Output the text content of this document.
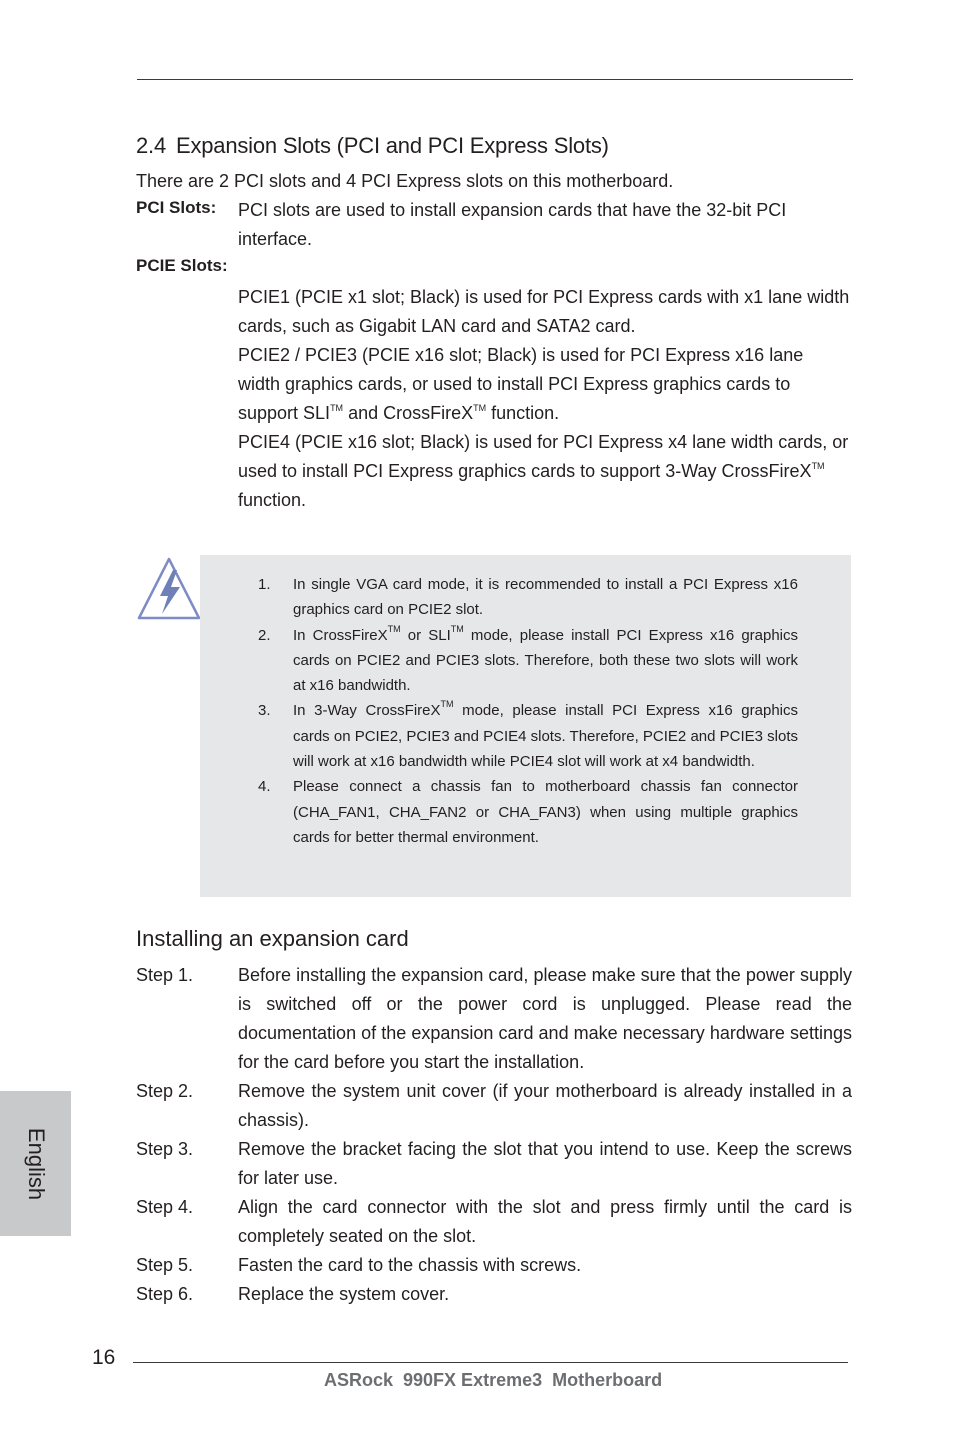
2.4 Expansion Slots (PCI and PCI Express Slots)
There are 2 PCI slots and 4 PCI Express slots on this motherboard.
PCI Slots: PCI slots are used to install expansion cards that have the 32-bit PCI interface.
PCIE Slots:

PCIE1 (PCIE x1 slot; Black) is used for PCI Express cards with x1 lane width cards, such as Gigabit LAN card and SATA2 card.

PCIE2 / PCIE3 (PCIE x16 slot; Black) is used for PCI Express x16 lane width graphics cards, or used to install PCI Express graphics cards to support SLI™ and CrossFireX™ function.

PCIE4 (PCIE x16 slot; Black) is used for PCI Express x4 lane width cards, or used to install PCI Express graphics cards to support 3-Way CrossFireX™ function.

1. In single VGA card mode, it is recommended to install a PCI Express x16 graphics card on PCIE2 slot.
2. In CrossFireX™ or SLI™ mode, please install PCI Express x16 graphics cards on PCIE2 and PCIE3 slots. Therefore, both these two slots will work at x16 bandwidth.
3. In 3-Way CrossFireX™ mode, please install PCI Express x16 graphics cards on PCIE2, PCIE3 and PCIE4 slots. Therefore, PCIE2 and PCIE3 slots will work at x16 bandwidth while PCIE4 slot will work at x4 bandwidth.
4. Please connect a chassis fan to motherboard chassis fan connector (CHA_FAN1, CHA_FAN2 or CHA_FAN3) when using multiple graphics cards for better thermal environment.
Installing an expansion card
Step 1.	Before installing the expansion card, please make sure that the power supply is switched off or the power cord is unplugged. Please read the documentation of the expansion card and make necessary hardware settings for the card before you start the installation.
Step 2.	Remove the system unit cover (if your motherboard is already installed in a chassis).
Step 3.	Remove the bracket facing the slot that you intend to use. Keep the screws for later use.
Step 4.	Align the card connector with the slot and press firmly until the card is completely seated on the slot.
Step 5.	Fasten the card to the chassis with screws.
Step 6.	Replace the system cover.
English
16
ASRock  990FX Extreme3  Motherboard
